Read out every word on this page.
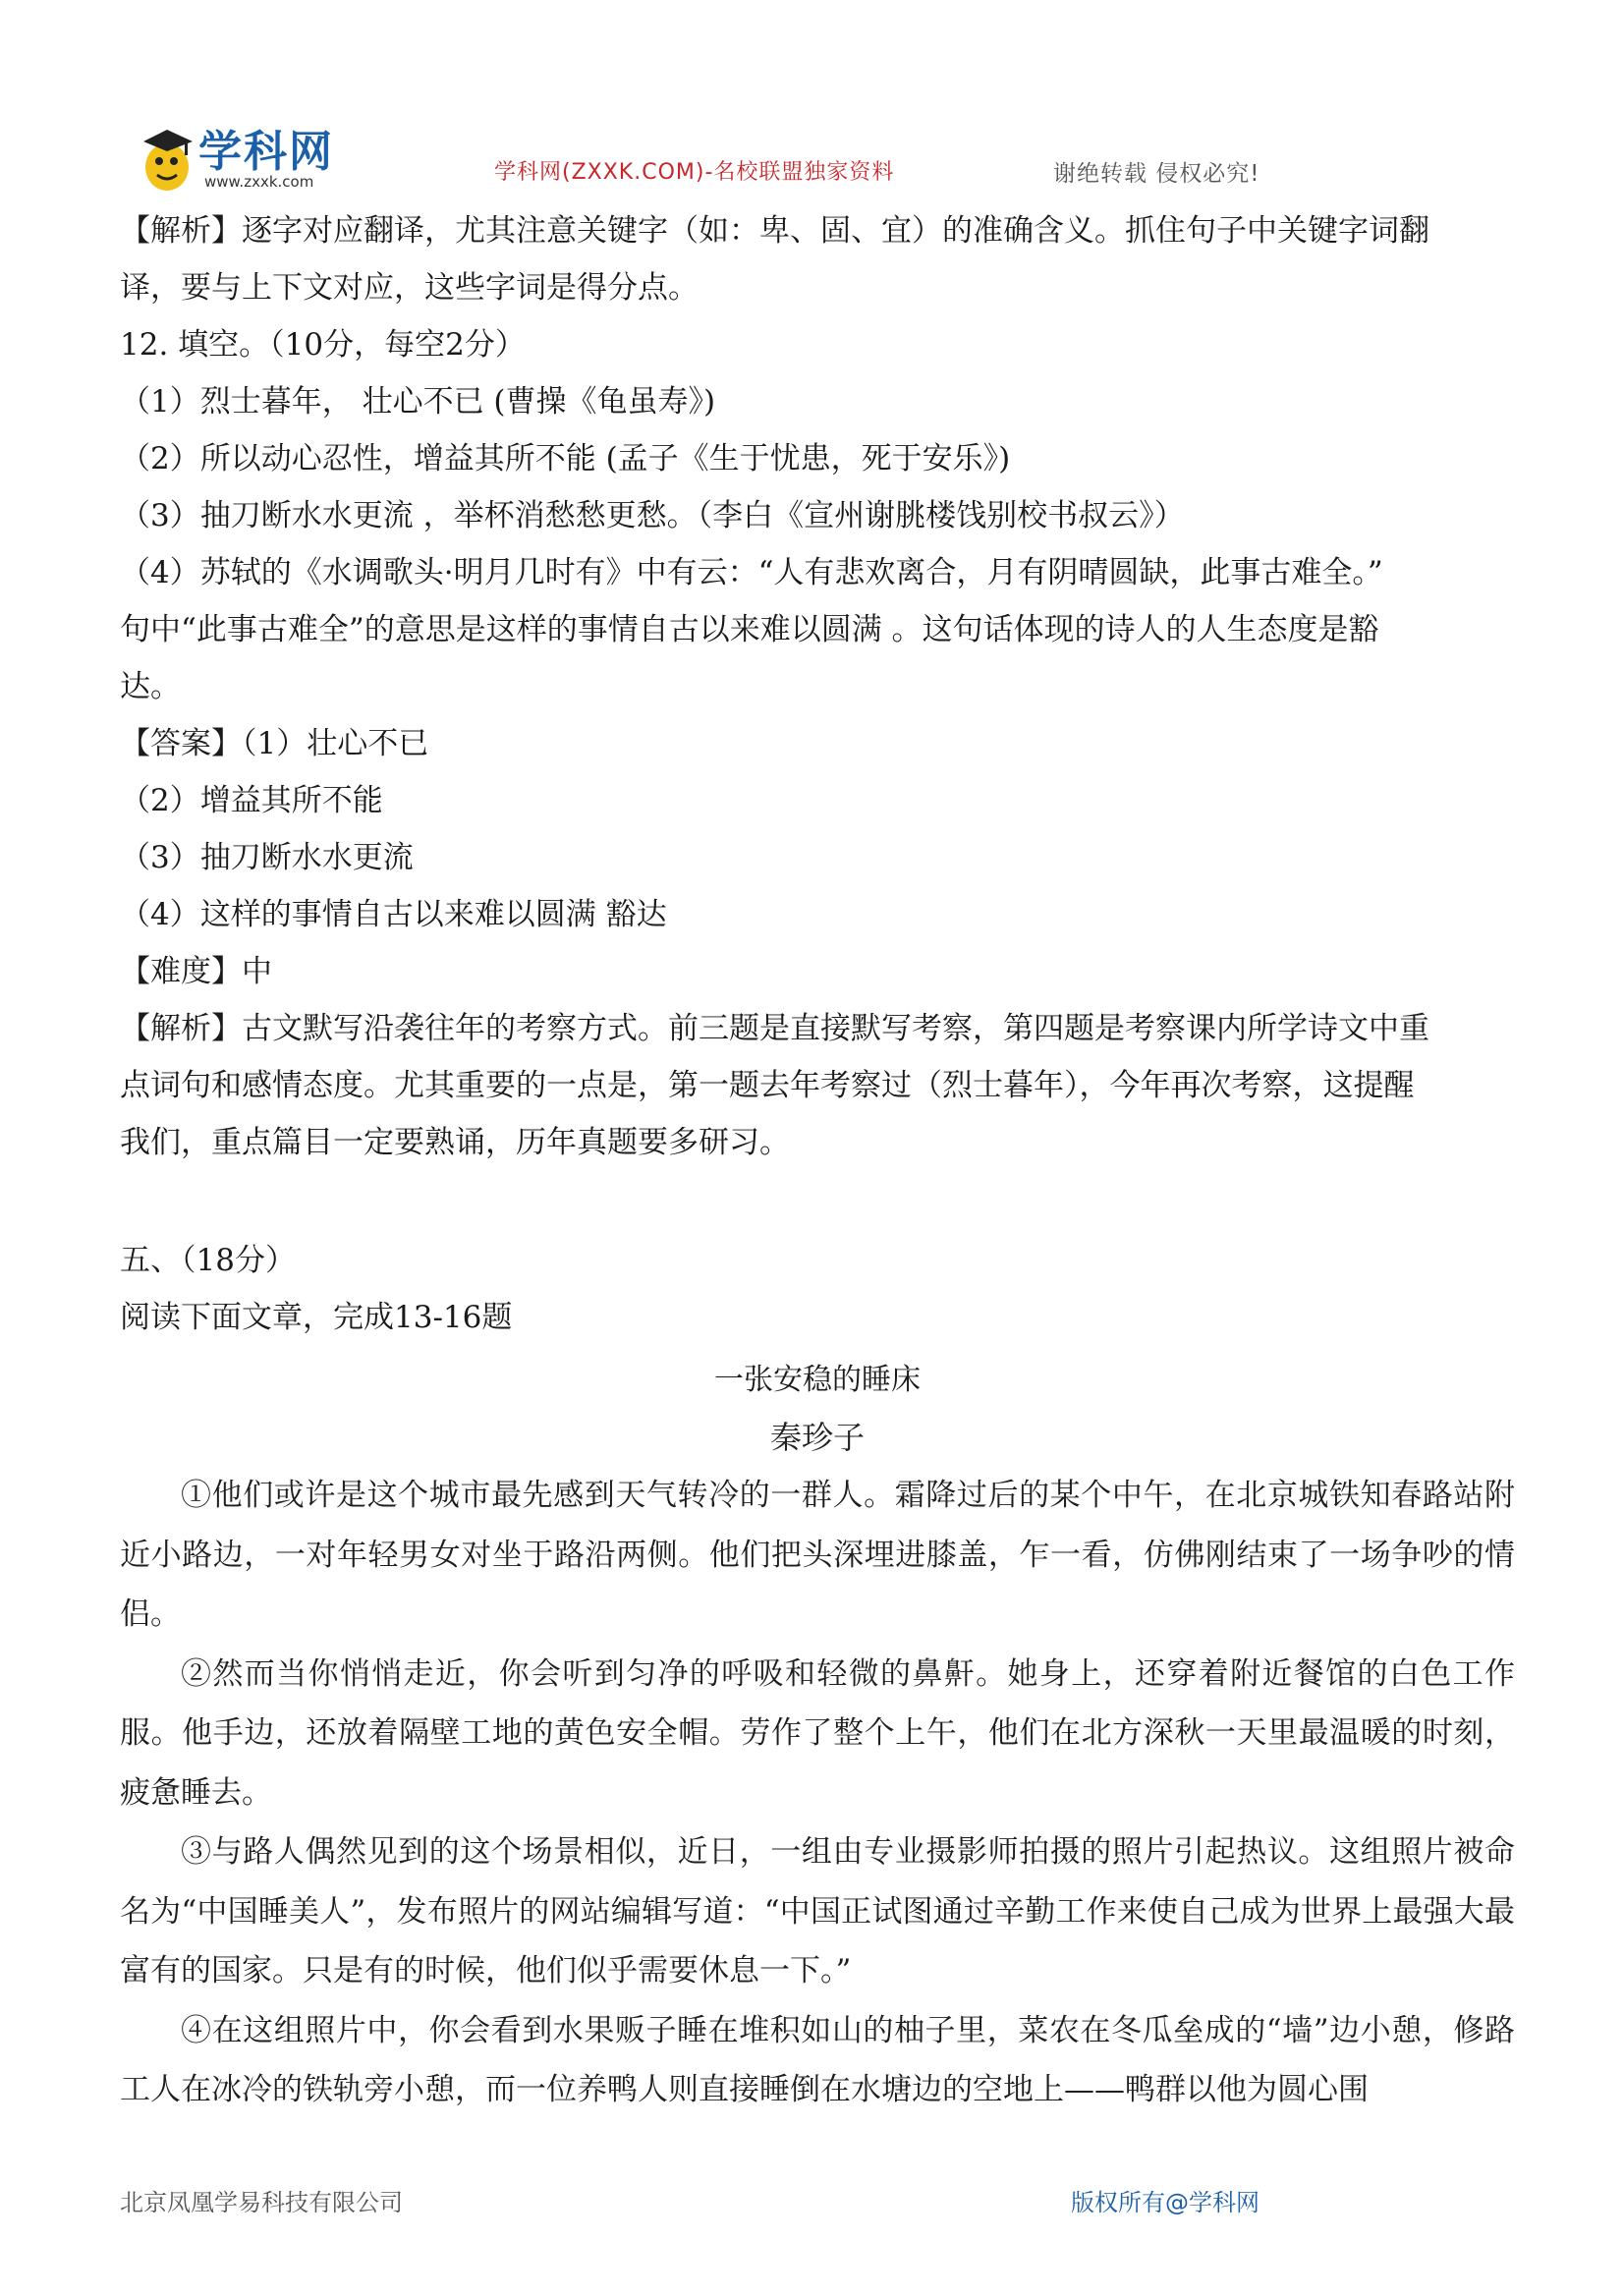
学科网
www.zxxk.com	学科网(ZXXK.COM)-名校联盟独家资料	谢绝转载 侵权必究!
【解析】逐字对应翻译，尤其注意关键字（如：卑、固、宜）的准确含义。抓住句子中关键字词翻
译，要与上下文对应，这些字词是得分点。
12. 填空。（10分，每空2分）
（1）烈士暮年， 壮心不已 (曹操《龟虽寿》)
（2）所以动心忍性，增益其所不能 (孟子《生于忧患，死于安乐》)
（3）抽刀断水水更流 ，举杯消愁愁更愁。（李白《宣州谢朓楼饯别校书叔云》）
（4）苏轼的《水调歌头·明月几时有》中有云：“人有悲欢离合，月有阴晴圆缺，此事古难全。”
句中“此事古难全”的意思是这样的事情自古以来难以圆满 。这句话体现的诗人的人生态度是豁
达。
【答案】（1）壮心不已
（2）增益其所不能
（3）抽刀断水水更流
（4）这样的事情自古以来难以圆满 豁达
【难度】中
【解析】古文默写沿袭往年的考察方式。前三题是直接默写考察，第四题是考察课内所学诗文中重
点词句和感情态度。尤其重要的一点是，第一题去年考察过（烈士暮年），今年再次考察，这提醒
我们，重点篇目一定要熟诵，历年真题要多研习。
五、（18分）
阅读下面文章，完成13-16题
一张安稳的睡床
秦珍子
①他们或许是这个城市最先感到天气转冷的一群人。霜降过后的某个中午，在北京城铁知春路站附近小路边，一对年轻男女对坐于路沿两侧。他们把头深埋进膝盖，乍一看，仿佛刚结束了一场争吵的情侣。
②然而当你悄悄走近，你会听到匀净的呼吸和轻微的鼻鼾。她身上，还穿着附近餐馆的白色工作服。他手边，还放着隔壁工地的黄色安全帽。劳作了整个上午，他们在北方深秋一天里最温暖的时刻，疲惫睡去。
③与路人偶然见到的这个场景相似，近日，一组由专业摄影师拍摄的照片引起热议。这组照片被命名为“中国睡美人”，发布照片的网站编辑写道：“中国正试图通过辛勤工作来使自己成为世界上最强大最富有的国家。只是有的时候，他们似乎需要休息一下。”
④在这组照片中，你会看到水果贩子睡在堆积如山的柚子里，菜农在冬瓜垒成的“墙”边小憩，修路工人在冰冷的铁轨旁小憩，而一位养鸭人则直接睡倒在水塘边的空地上——鸭群以他为圆心围
北京凤凰学易科技有限公司	版权所有@学科网
